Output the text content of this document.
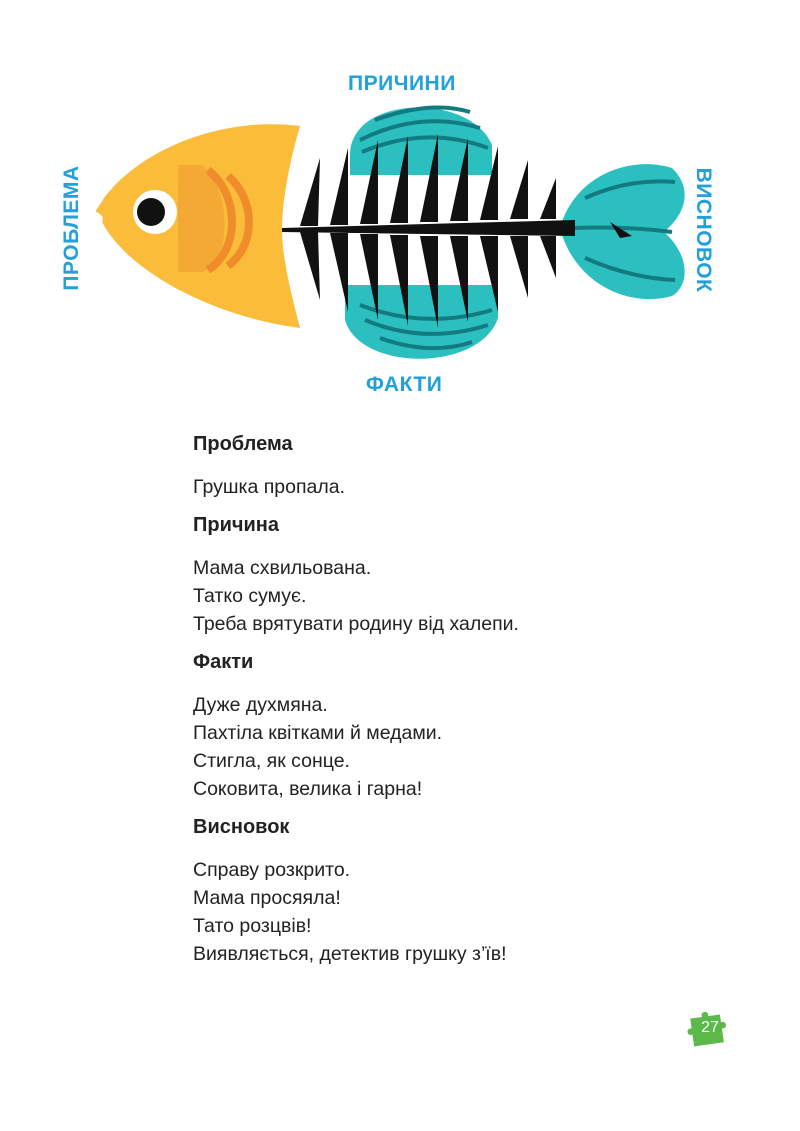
ПРИЧИНИ
ФАКТИ
ПРОБЛЕМА	ВИСНОВОК
Проблема
Грушка пропала.
Причина
Мама схвильована.
Татко сумує.
Треба врятувати родину від халепи.
Факти
Дуже духмяна.
Пахтіла квітками й медами.
Стигла, як сонце.
Соковита, велика і гарна!
Висновок
Справу розкрито.
Мама просяяла!
Тато розцвів!
Виявляється, детектив грушку з’їв!
27
